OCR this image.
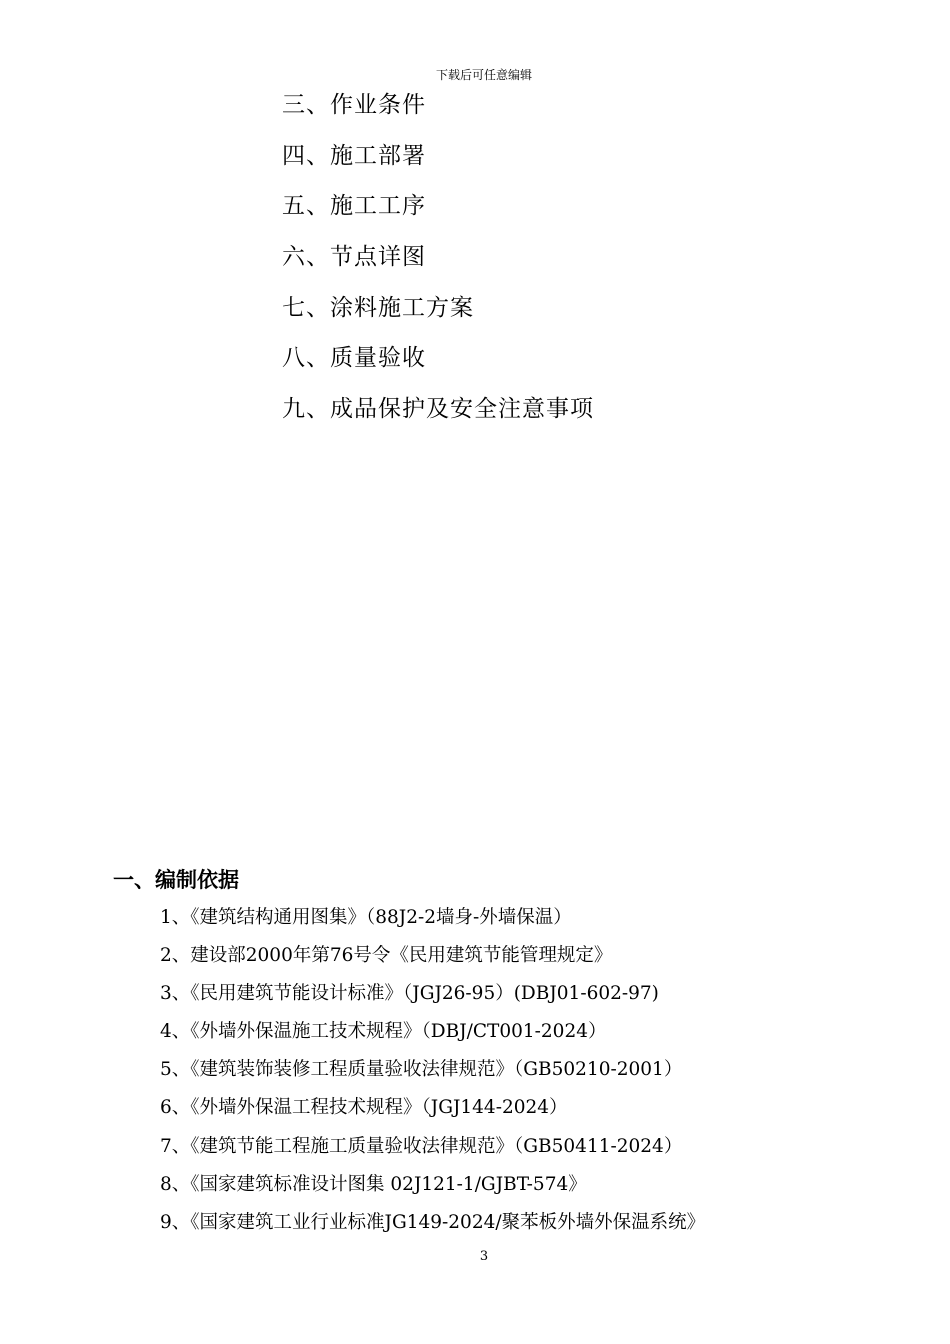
下载后可任意编辑
三、作业条件
四、施工部署
五、施工工序
六、节点详图
七、涂料施工方案
八、质量验收
九、成品保护及安全注意事项
一、编制依据
1、《建筑结构通用图集》（88J2-2墙身-外墙保温）
2、建设部2000年第76号令《民用建筑节能管理规定》
3、《民用建筑节能设计标准》（JGJ26-95）(DBJ01-602-97)
4、《外墙外保温施工技术规程》（DBJ/CT001-2024）
5、《建筑装饰装修工程质量验收法律规范》（GB50210-2001）
6、《外墙外保温工程技术规程》（JGJ144-2024）
7、《建筑节能工程施工质量验收法律规范》（GB50411-2024）
8、《国家建筑标准设计图集 02J121-1/GJBT-574》
9、《国家建筑工业行业标准JG149-2024/聚苯板外墙外保温系统》
3
